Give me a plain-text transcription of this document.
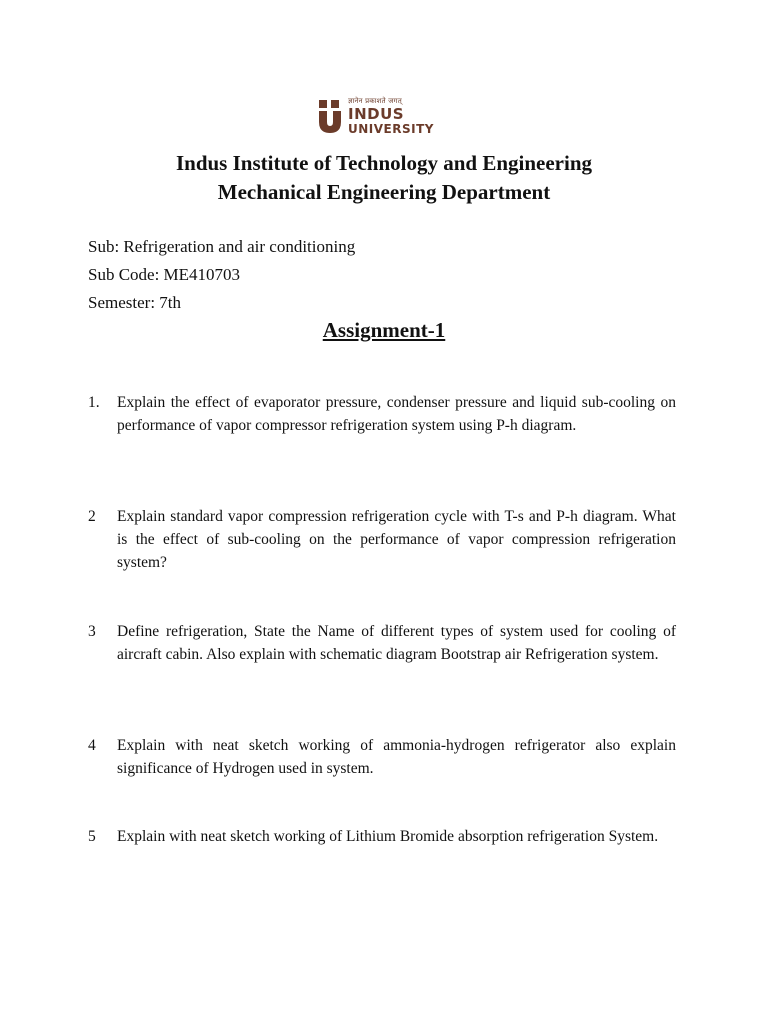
ज्ञानेन प्रकाशते जगत्
INDUS
UNIVERSITY
Indus Institute of Technology and Engineering
Mechanical Engineering Department

Sub: Refrigeration and air conditioning

Sub Code: ME410703

Semester: 7th

Assignment-1
1. Explain the effect of evaporator pressure, condenser pressure and liquid sub-cooling on performance of vapor compressor refrigeration system using P-h diagram.

2 Explain standard vapor compression refrigeration cycle with T-s and P-h diagram. What is the effect of sub-cooling on the performance of vapor compression refrigeration system?

3 Define refrigeration, State the Name of different types of system used for cooling of aircraft cabin. Also explain with schematic diagram Bootstrap air Refrigeration system.

4 Explain with neat sketch working of ammonia-hydrogen refrigerator also explain significance of Hydrogen used in system.

5 Explain with neat sketch working of Lithium Bromide absorption refrigeration System.
